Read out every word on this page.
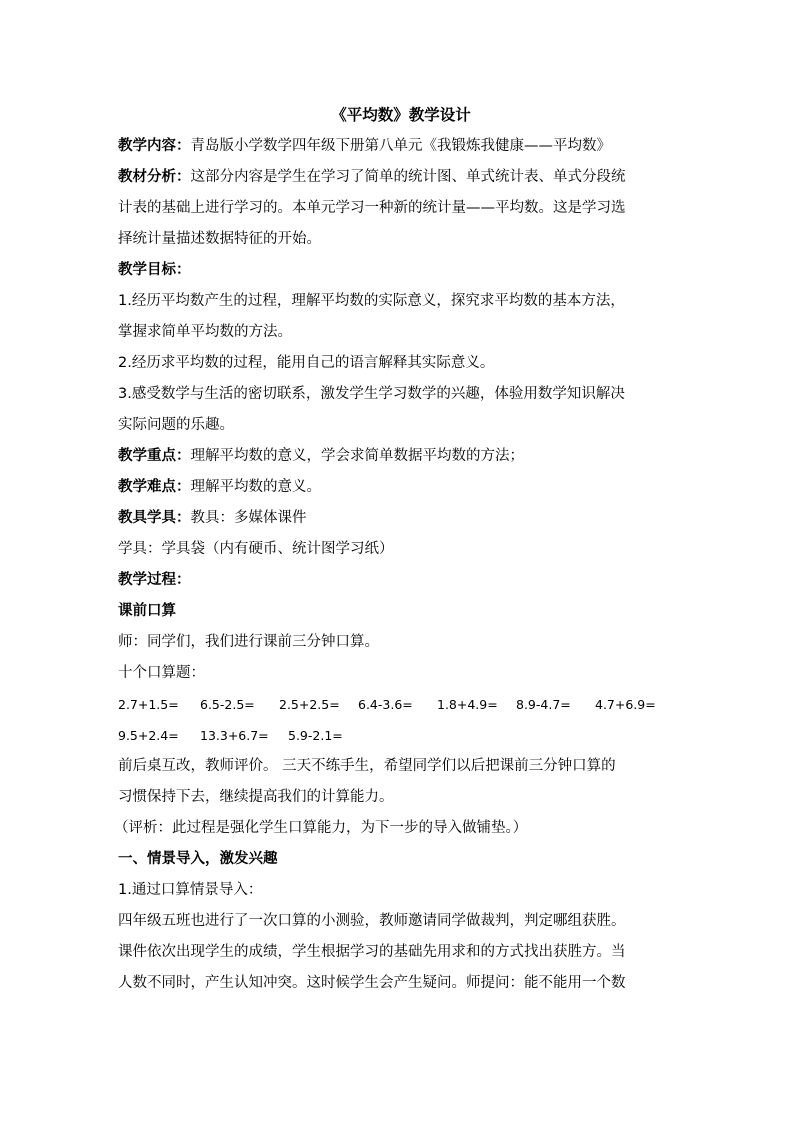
《平均数》教学设计

教学内容：青岛版小学数学四年级下册第八单元《我锻炼我健康——平均数》

教材分析：这部分内容是学生在学习了简单的统计图、单式统计表、单式分段统

计表的基础上进行学习的。本单元学习一种新的统计量——平均数。这是学习选

择统计量描述数据特征的开始。

教学目标：

1.经历平均数产生的过程，理解平均数的实际意义，探究求平均数的基本方法，

掌握求简单平均数的方法。

2.经历求平均数的过程，能用自己的语言解释其实际意义。

3.感受数学与生活的密切联系，激发学生学习数学的兴趣，体验用数学知识解决

实际问题的乐趣。

教学重点：理解平均数的意义，学会求简单数据平均数的方法；

教学难点：理解平均数的意义。

教具学具：教具：多媒体课件

学具：学具袋（内有硬币、统计图学习纸）

教学过程：

课前口算

师：同学们，我们进行课前三分钟口算。

十个口算题：

2.7+1.5= 6.5-2.5= 2.5+2.5= 6.4-3.6= 1.8+4.9= 8.9-4.7= 4.7+6.9=
9.5+2.4= 13.3+6.7= 5.9-2.1=

前后桌互改，教师评价。 三天不练手生，希望同学们以后把课前三分钟口算的

习惯保持下去，继续提高我们的计算能力。

（评析：此过程是强化学生口算能力，为下一步的导入做铺垫。）

一、情景导入，激发兴趣

1.通过口算情景导入：

四年级五班也进行了一次口算的小测验，教师邀请同学做裁判，判定哪组获胜。

课件依次出现学生的成绩，学生根据学习的基础先用求和的方式找出获胜方。当

人数不同时，产生认知冲突。这时候学生会产生疑问。师提问：能不能用一个数
